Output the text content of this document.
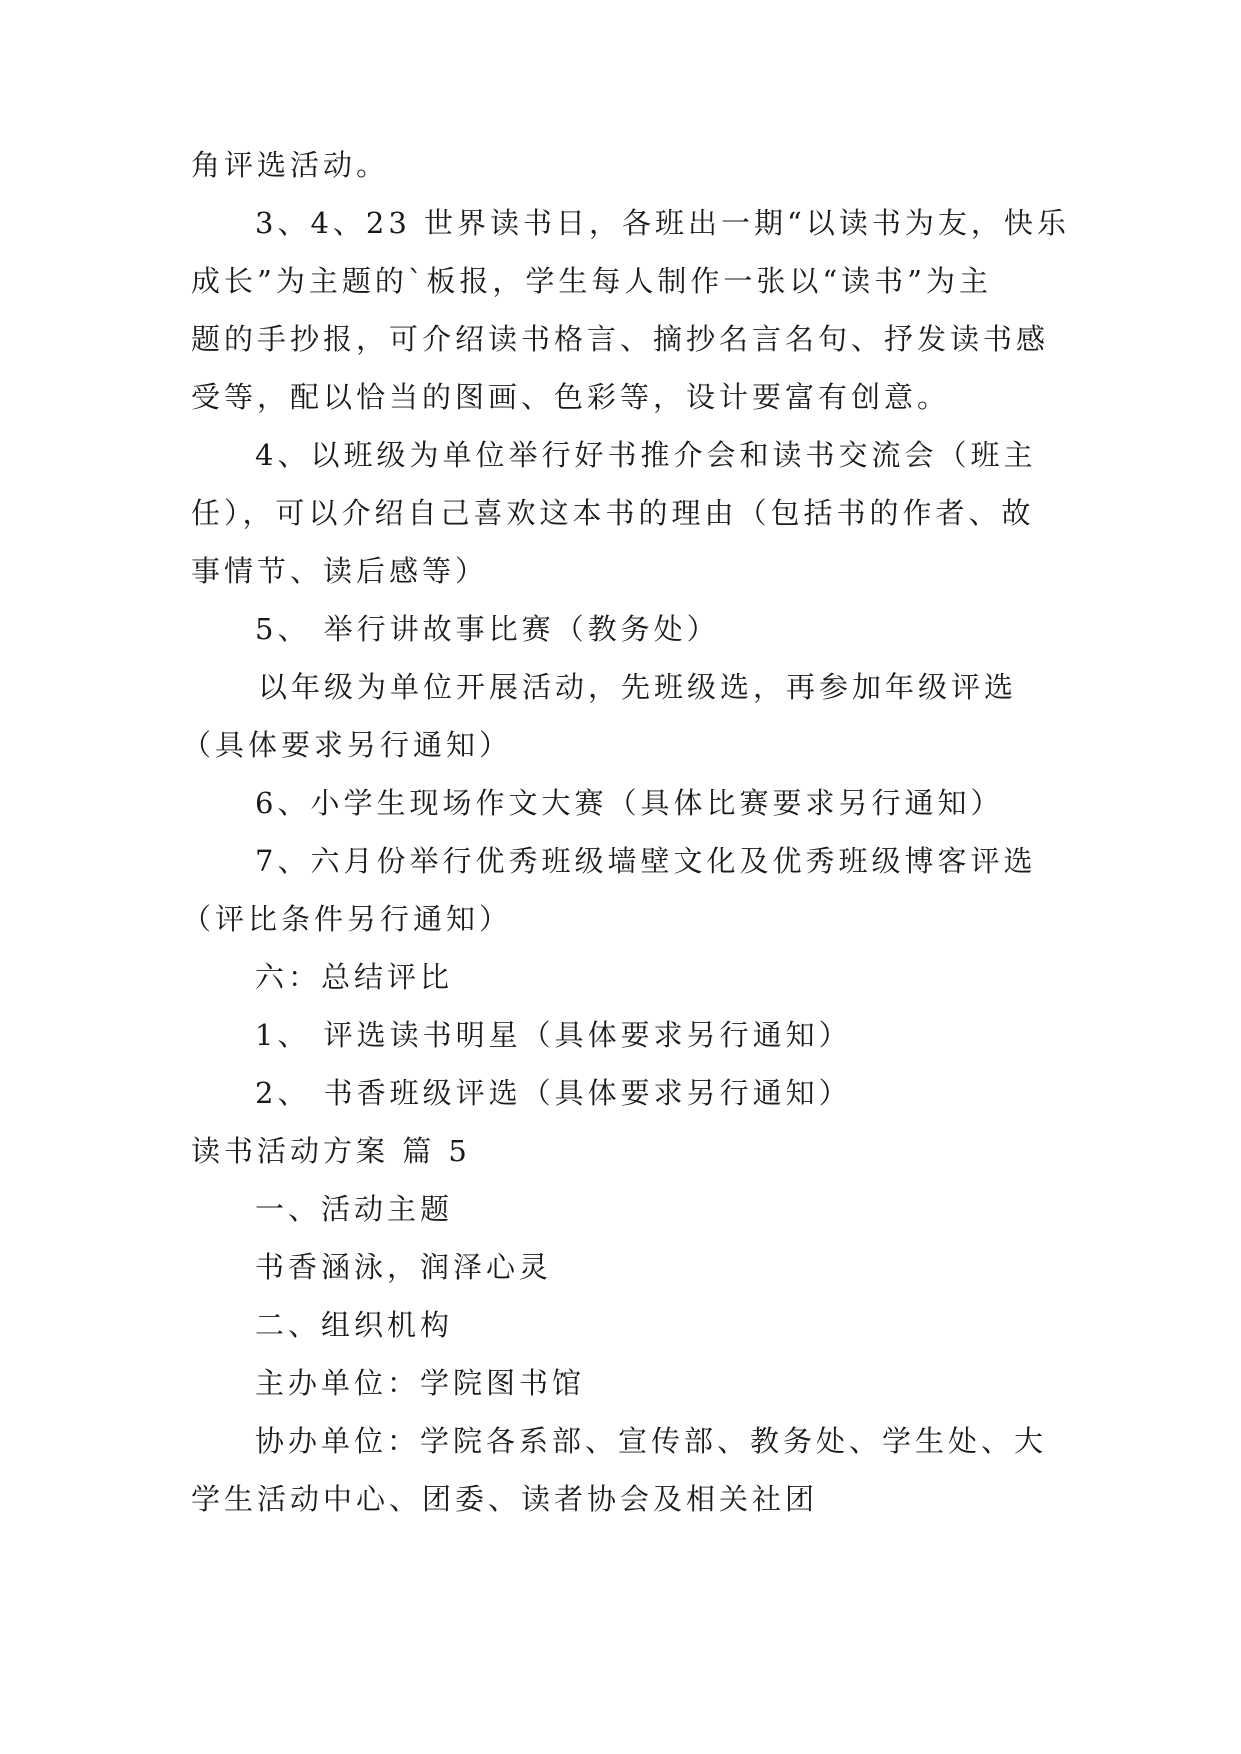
角评选活动。
3、4、23 世界读书日，各班出一期“以读书为友，快乐
成长”为主题的`板报，学生每人制作一张以“读书”为主
题的手抄报，可介绍读书格言、摘抄名言名句、抒发读书感
受等，配以恰当的图画、色彩等，设计要富有创意。
4、以班级为单位举行好书推介会和读书交流会（班主
任），可以介绍自己喜欢这本书的理由（包括书的作者、故
事情节、读后感等）
5、 举行讲故事比赛（教务处）
以年级为单位开展活动，先班级选，再参加年级评选
（具体要求另行通知）
6、小学生现场作文大赛（具体比赛要求另行通知）
7、六月份举行优秀班级墙壁文化及优秀班级博客评选
（评比条件另行通知）
六：总结评比
1、 评选读书明星（具体要求另行通知）
2、 书香班级评选（具体要求另行通知）
读书活动方案 篇 5
一、活动主题
书香涵泳，润泽心灵
二、组织机构
主办单位：学院图书馆
协办单位：学院各系部、宣传部、教务处、学生处、大
学生活动中心、团委、读者协会及相关社团
